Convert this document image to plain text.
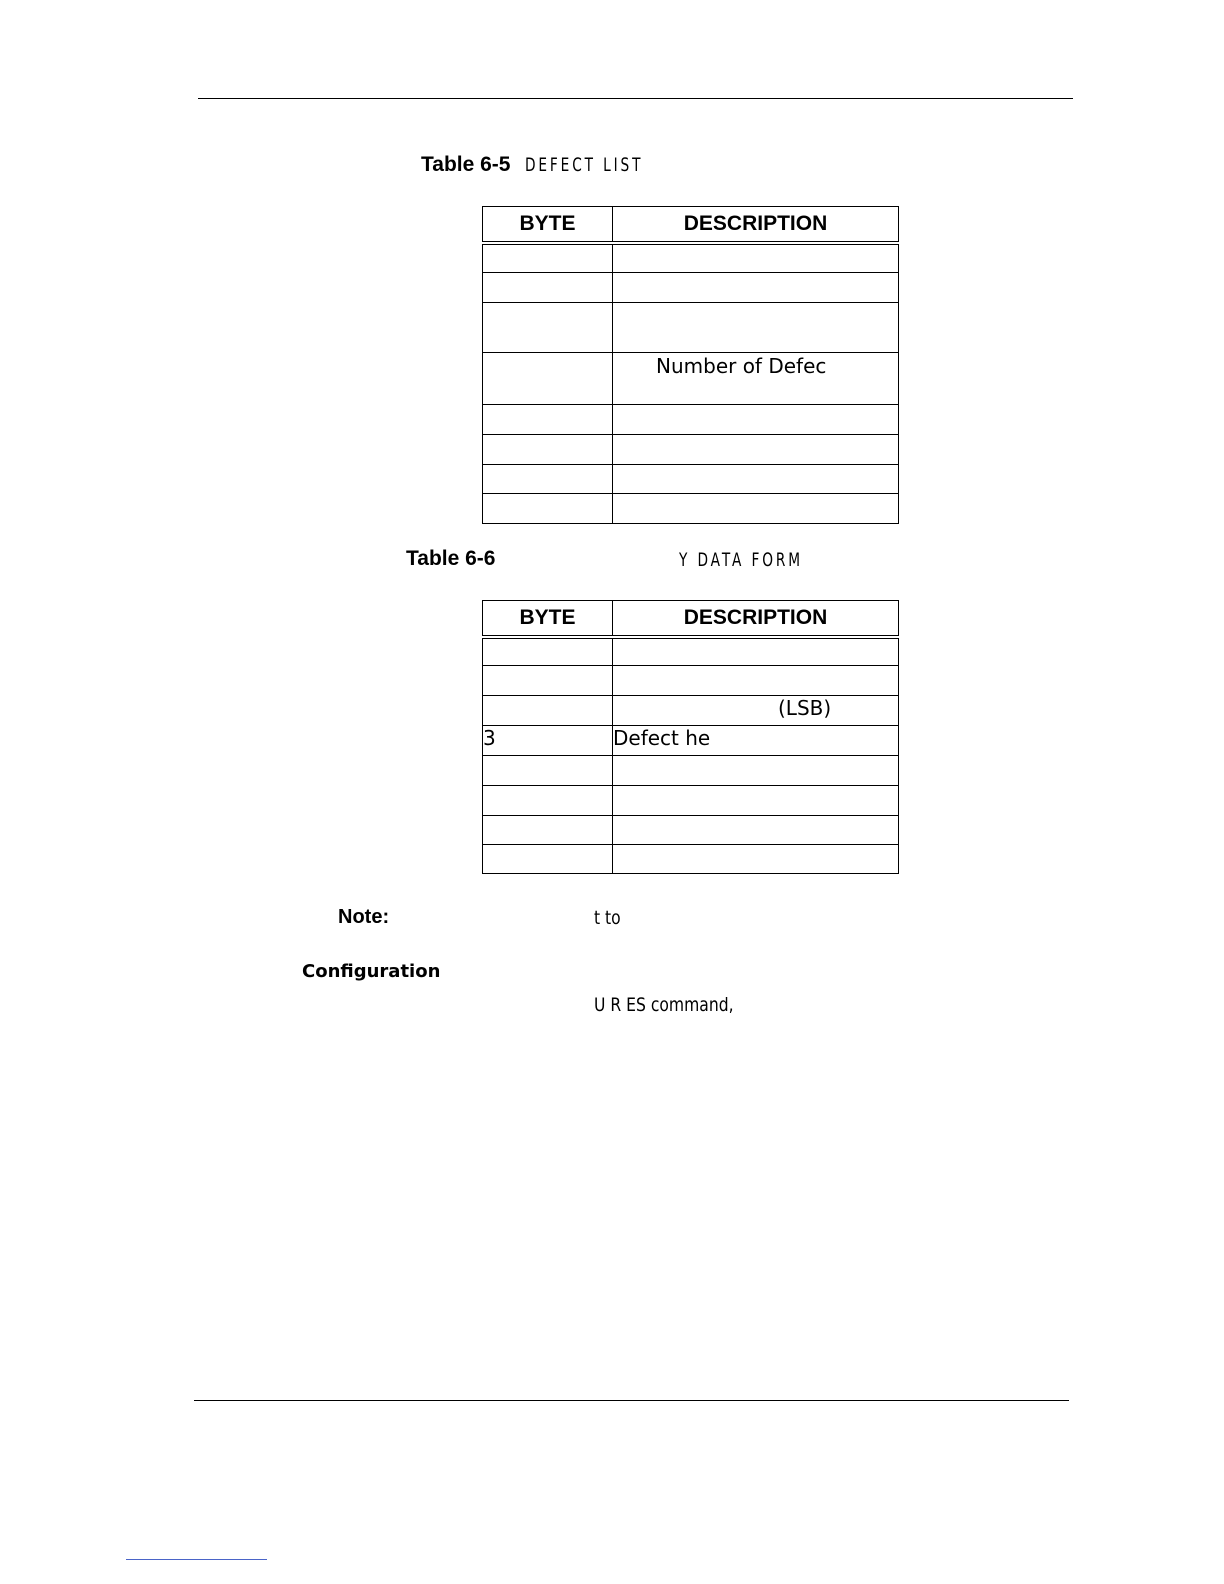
Table 6-5 DEFECT LIST
BYTE	DESCRIPTION

	Number of Defec

Table 6-6	Y DATA FORM
BYTE	DESCRIPTION

	(LSB)
3	Defect he

Note:	t to
Configuration
U R ES command,
